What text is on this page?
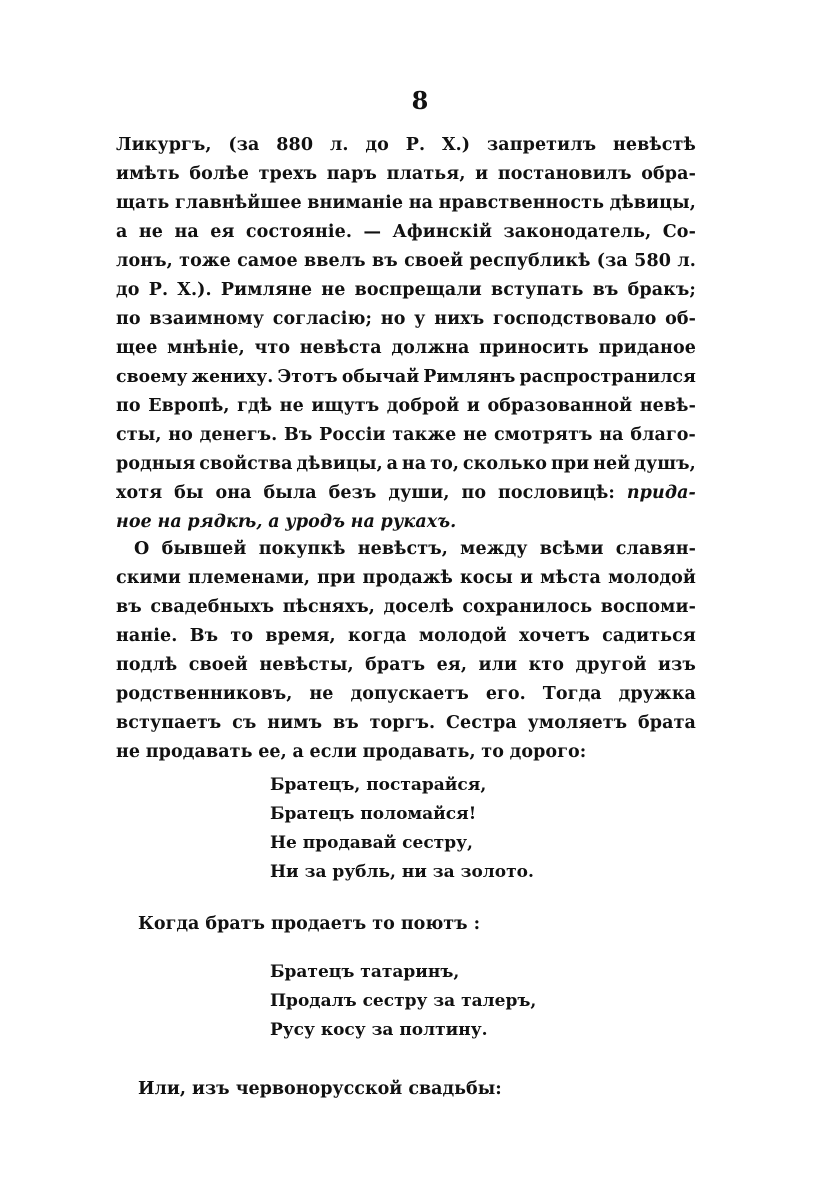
8
Ликургъ, (за 880 л. до Р. X.) запретилъ невѣстѣ
имѣть болѣе трехъ паръ платья, и постановилъ обра-
щать главнѣйшее вниманіе на нравственность дѣвицы,
а не на ея состояніе. — Афинскій законодатель, Со-
лонъ, тоже самое ввелъ въ своей республикѣ (за 580 л.
до Р. X.). Римляне не воспрещали вступать въ бракъ;
по взаимному согласію; но у нихъ господствовало об-
щее мнѣніе, что невѣста должна приносить приданое
своему жениху. Этотъ обычай Римлянъ распространился
по Европѣ, гдѣ не ищутъ доброй и образованной невѣ-
сты, но денегъ. Въ Россіи также не смотрятъ на благо-
родныя свойства дѣвицы, а на то, сколько при ней душъ,
хотя бы она была безъ души, по пословицѣ: прида-
ное на рядкѣ, а уродъ на рукахъ.
О бывшей покупкѣ невѣстъ, между всѣми славян-
скими племенами, при продажѣ косы и мѣста молодой
въ свадебныхъ пѣсняхъ, доселѣ сохранилось воспоми-
наніе. Въ то время, когда молодой хочетъ садиться
подлѣ своей невѣсты, братъ ея, или кто другой изъ
родственниковъ, не допускаетъ его. Тогда дружка
вступаетъ съ нимъ въ торгъ. Сестра умоляетъ брата
не продавать ее, а если продавать, то дорого:
Братецъ, постарайся,
Братецъ поломайся!
Не продавай сестру,
Ни за рубль, ни за золото.
Когда братъ продаетъ то поютъ :
Братецъ татаринъ,
Продалъ сестру за талеръ,
Русу косу за полтину.
Или, изъ червонорусской свадьбы:
